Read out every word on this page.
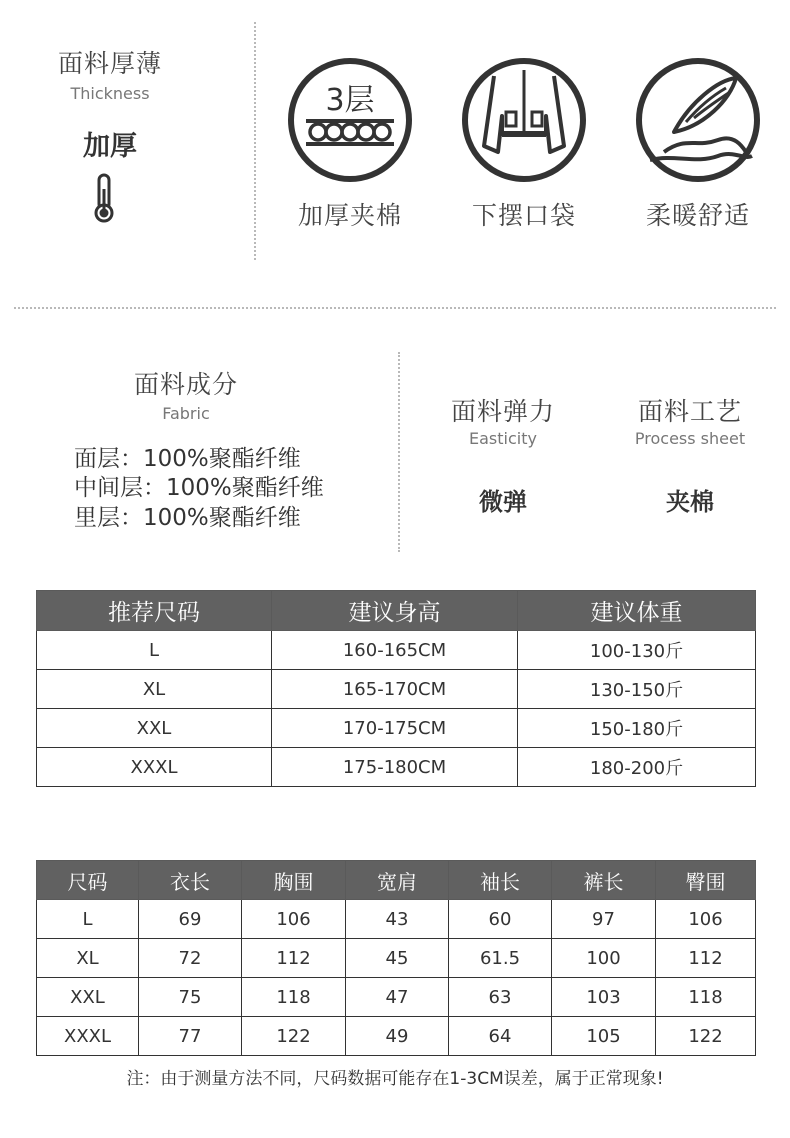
面料厚薄
Thickness
加厚
3层
加厚夹棉	下摆口袋	柔暖舒适
面料成分
Fabric
面层：100%聚酯纤维
中间层：100%聚酯纤维
里层：100%聚酯纤维
面料弹力
Easticity
微弹
面料工艺
Process sheet
夹棉
推荐尺码	建议身高	建议体重
L	160-165CM	100-130斤
XL	165-170CM	130-150斤
XXL	170-175CM	150-180斤
XXXL	175-180CM	180-200斤
尺码	衣长	胸围	宽肩	袖长	裤长	臀围
L	69	106	43	60	97	106
XL	72	112	45	61.5	100	112
XXL	75	118	47	63	103	118
XXXL	77	122	49	64	105	122
注：由于测量方法不同，尺码数据可能存在1-3CM误差，属于正常现象!
